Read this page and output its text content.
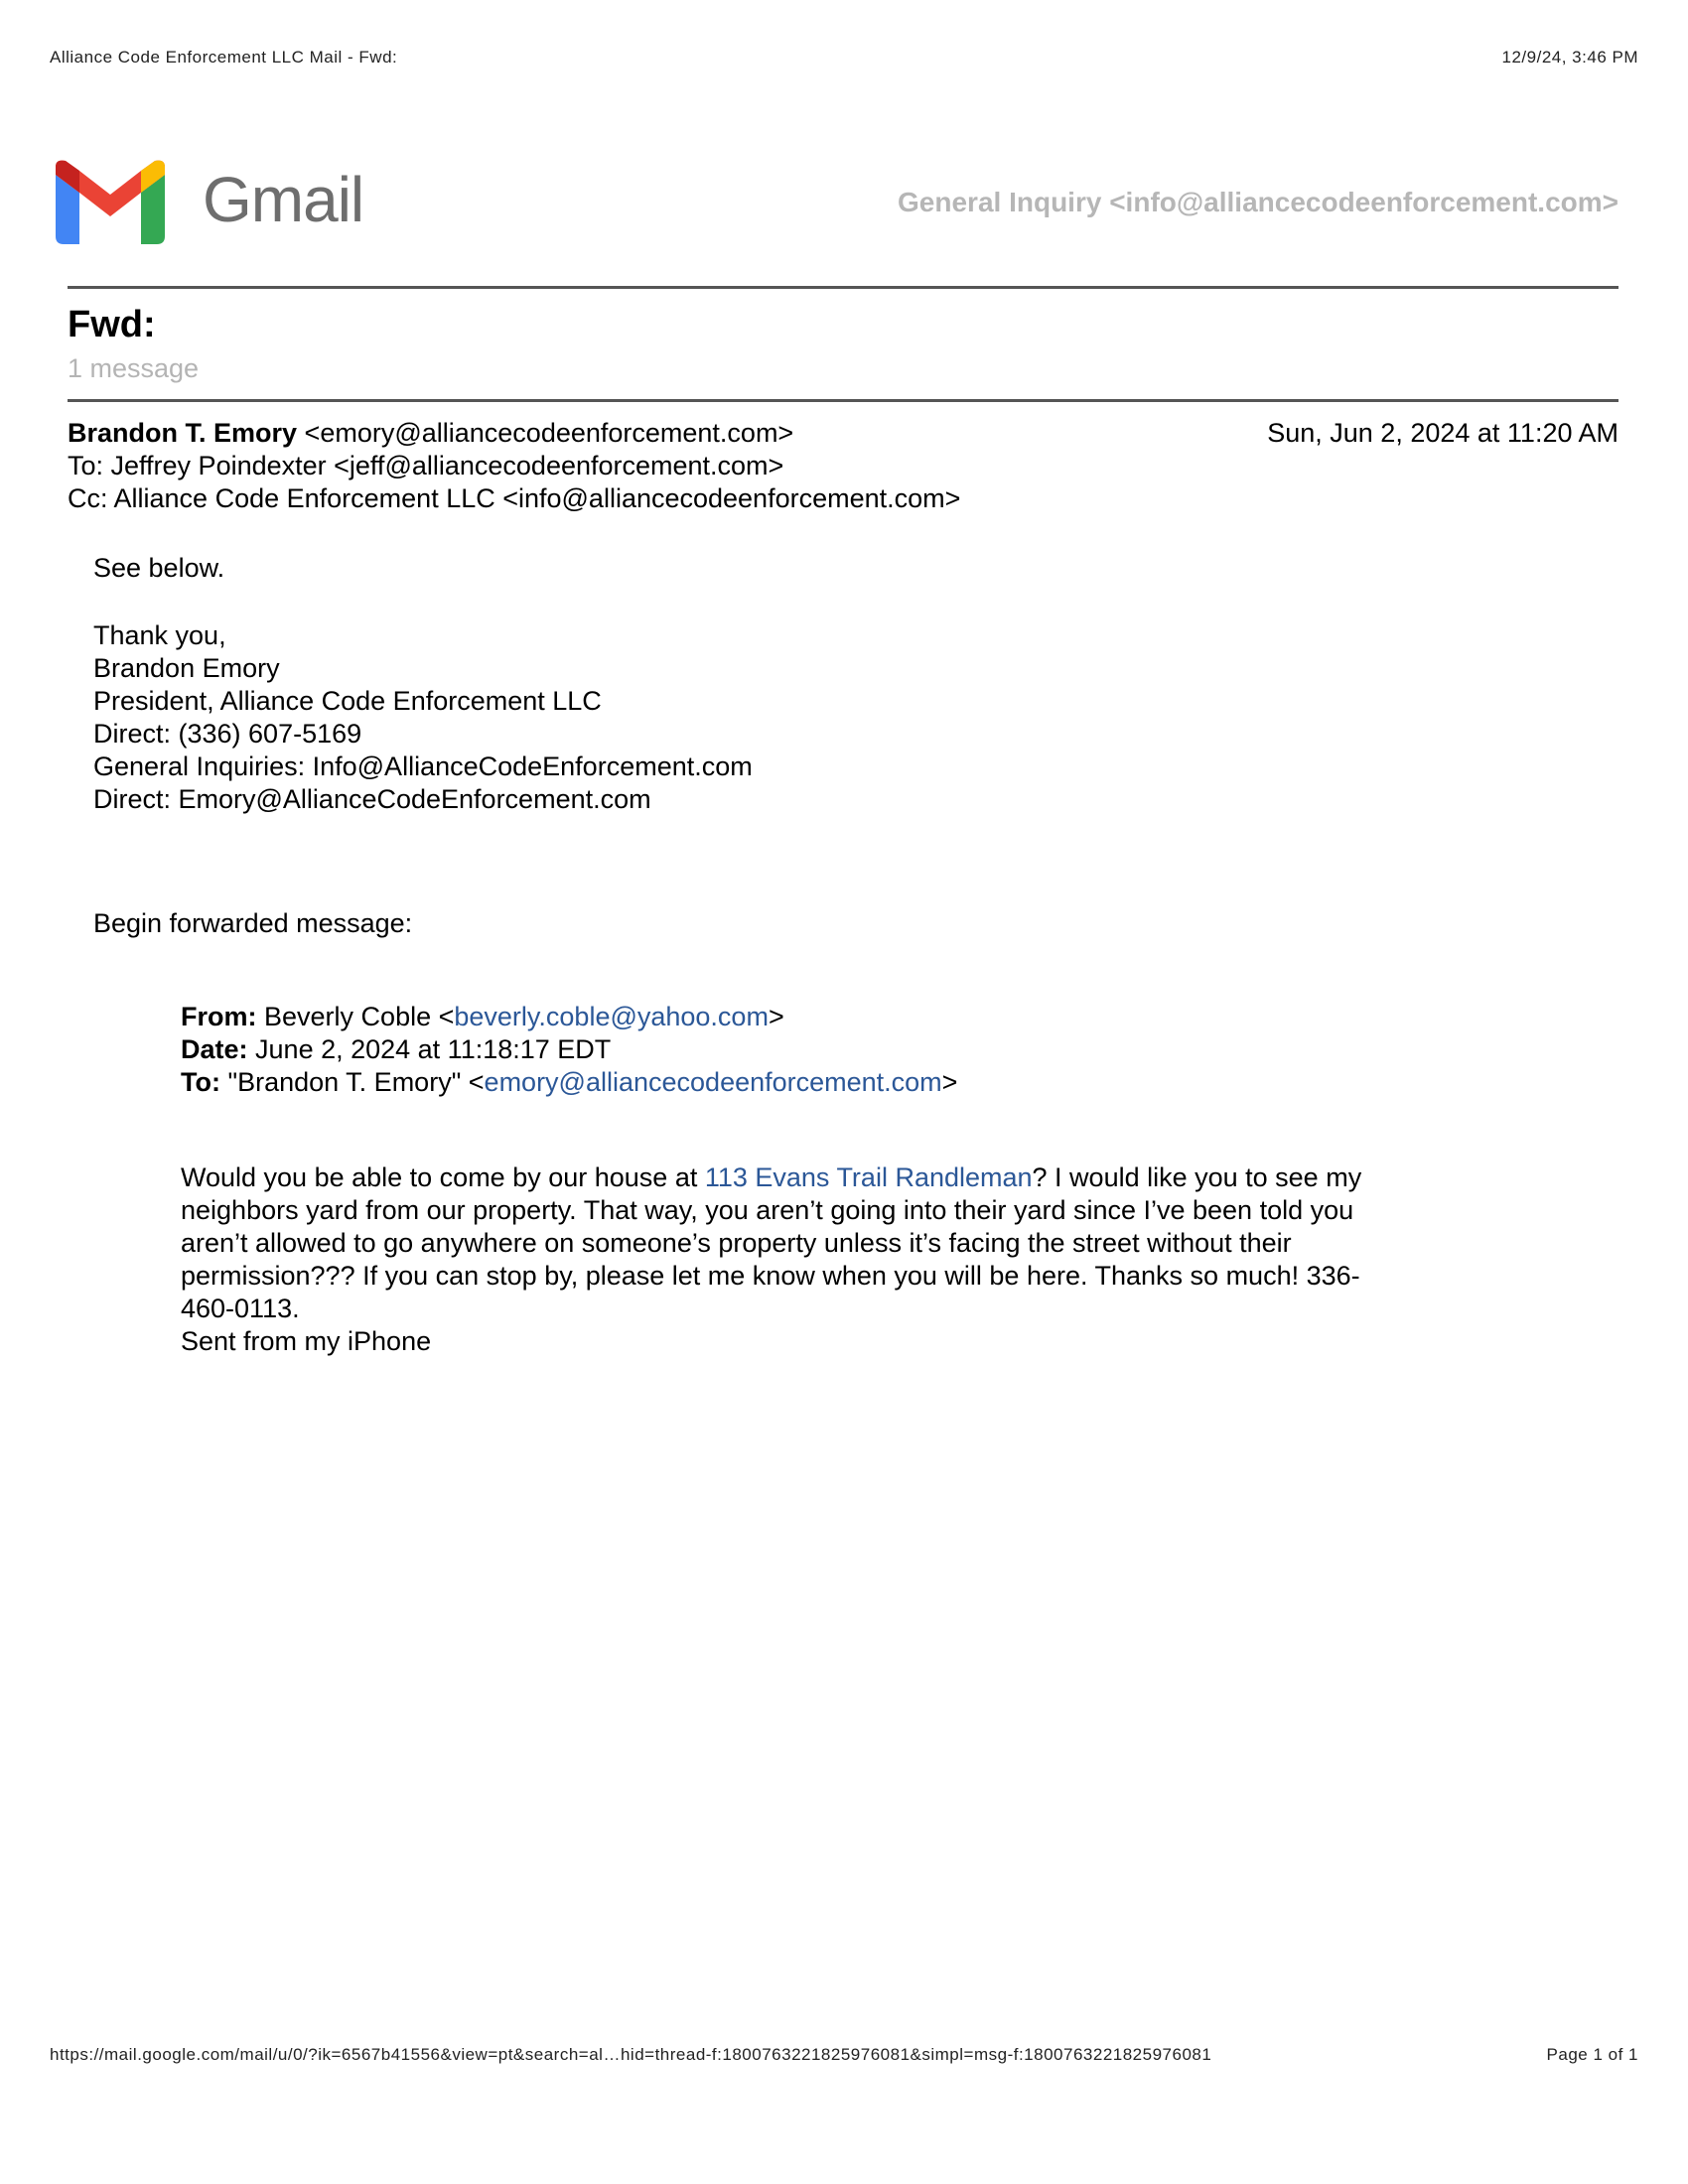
Alliance Code Enforcement LLC Mail - Fwd:	12/9/24, 3:46 PM
Gmail	General Inquiry <info@alliancecodeenforcement.com>
Fwd:
1 message
Brandon T. Emory <emory@alliancecodeenforcement.com>	Sun, Jun 2, 2024 at 11:20 AM
To: Jeffrey Poindexter <jeff@alliancecodeenforcement.com>
Cc: Alliance Code Enforcement LLC <info@alliancecodeenforcement.com>
See below.
Thank you,
Brandon Emory
President, Alliance Code Enforcement LLC
Direct: (336) 607-5169
General Inquiries: Info@AllianceCodeEnforcement.com
Direct: Emory@AllianceCodeEnforcement.com
Begin forwarded message:
From: Beverly Coble <beverly.coble@yahoo.com>
Date: June 2, 2024 at 11:18:17 EDT
To: "Brandon T. Emory" <emory@alliancecodeenforcement.com>
Would you be able to come by our house at 113 Evans Trail Randleman? I would like you to see my
neighbors yard from our property. That way, you aren’t going into their yard since I’ve been told you
aren’t allowed to go anywhere on someone’s property unless it’s facing the street without their
permission??? If you can stop by, please let me know when you will be here. Thanks so much! 336-
460-0113.
Sent from my iPhone
https://mail.google.com/mail/u/0/?ik=6567b41556&view=pt&search=al…hid=thread-f:1800763221825976081&simpl=msg-f:1800763221825976081	Page 1 of 1
